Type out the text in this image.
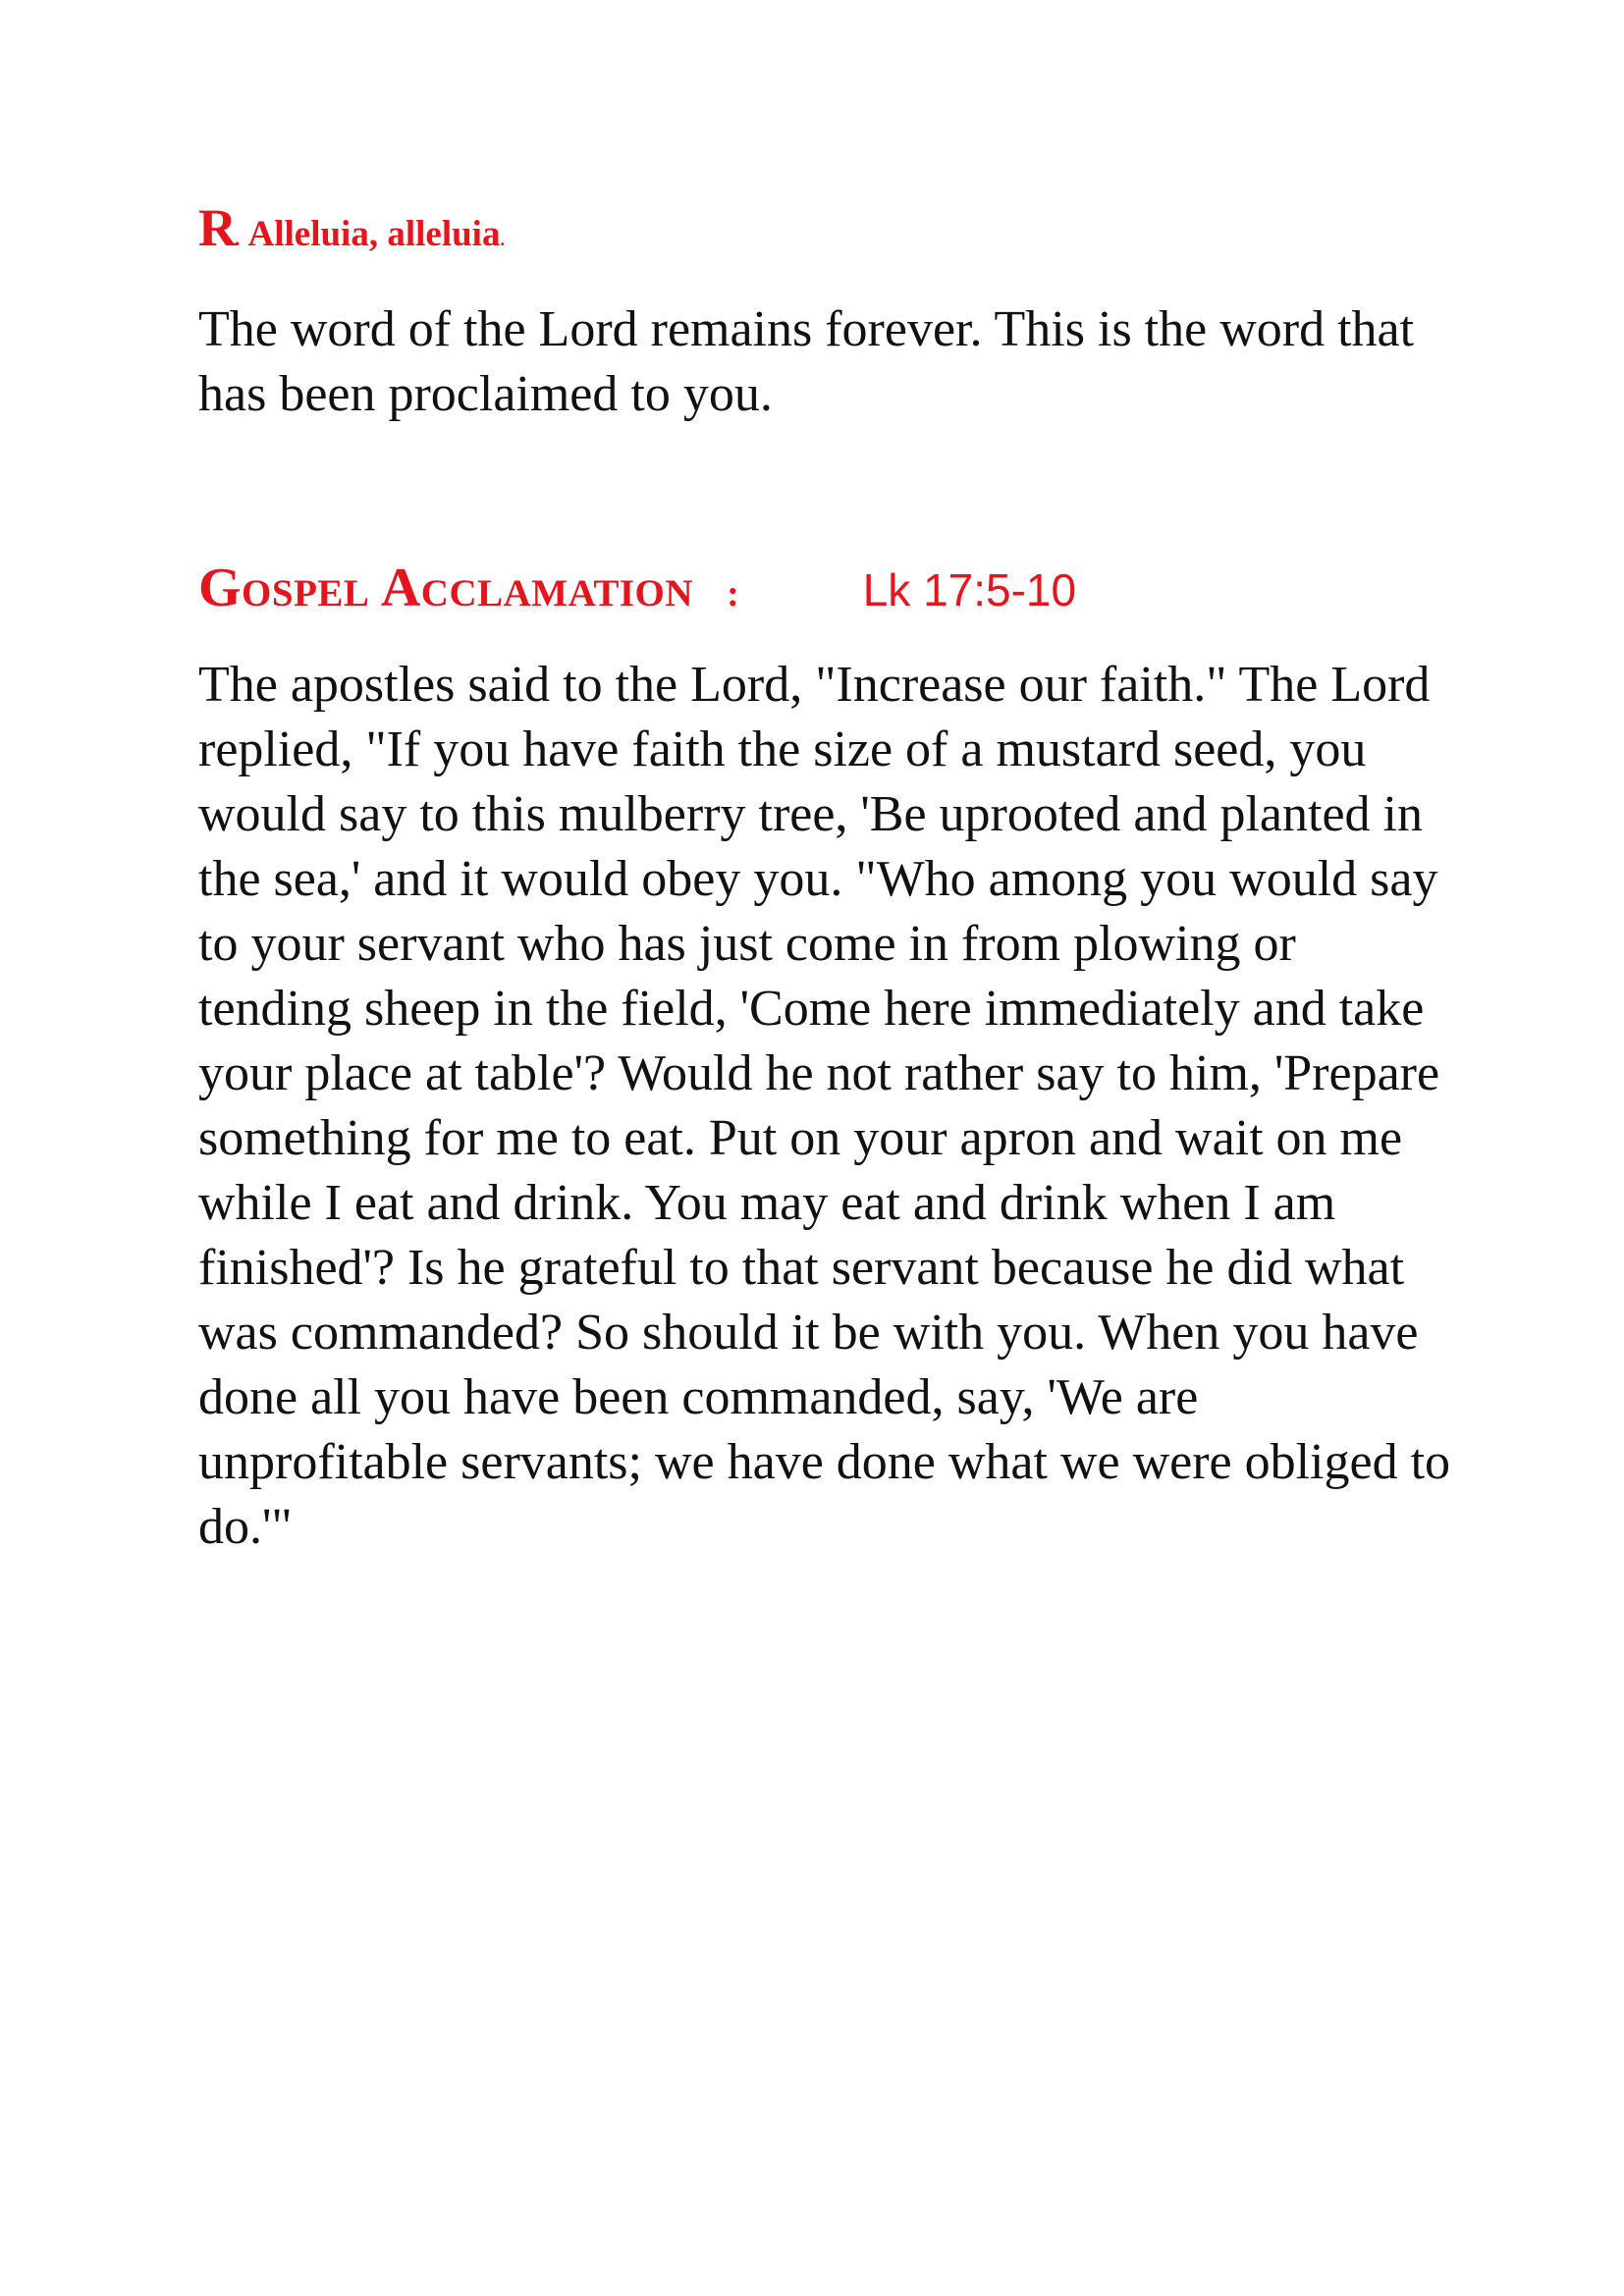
R. Alleluia, alleluia.

The word of the Lord remains forever. This is the word that has been proclaimed to you.

Gospel Acclamation :	Lk 17:5-10

The apostles said to the Lord, "Increase our faith." The Lord replied, "If you have faith the size of a mustard seed, you would say to this mulberry tree, 'Be uprooted and planted in the sea,' and it would obey you. "Who among you would say to your servant who has just come in from plowing or tending sheep in the field, 'Come here immediately and take your place at table'? Would he not rather say to him, 'Prepare something for me to eat. Put on your apron and wait on me while I eat and drink. You may eat and drink when I am finished'? Is he grateful to that servant because he did what was commanded? So should it be with you. When you have done all you have been commanded, say, 'We are unprofitable servants; we have done what we were obliged to do.'"
